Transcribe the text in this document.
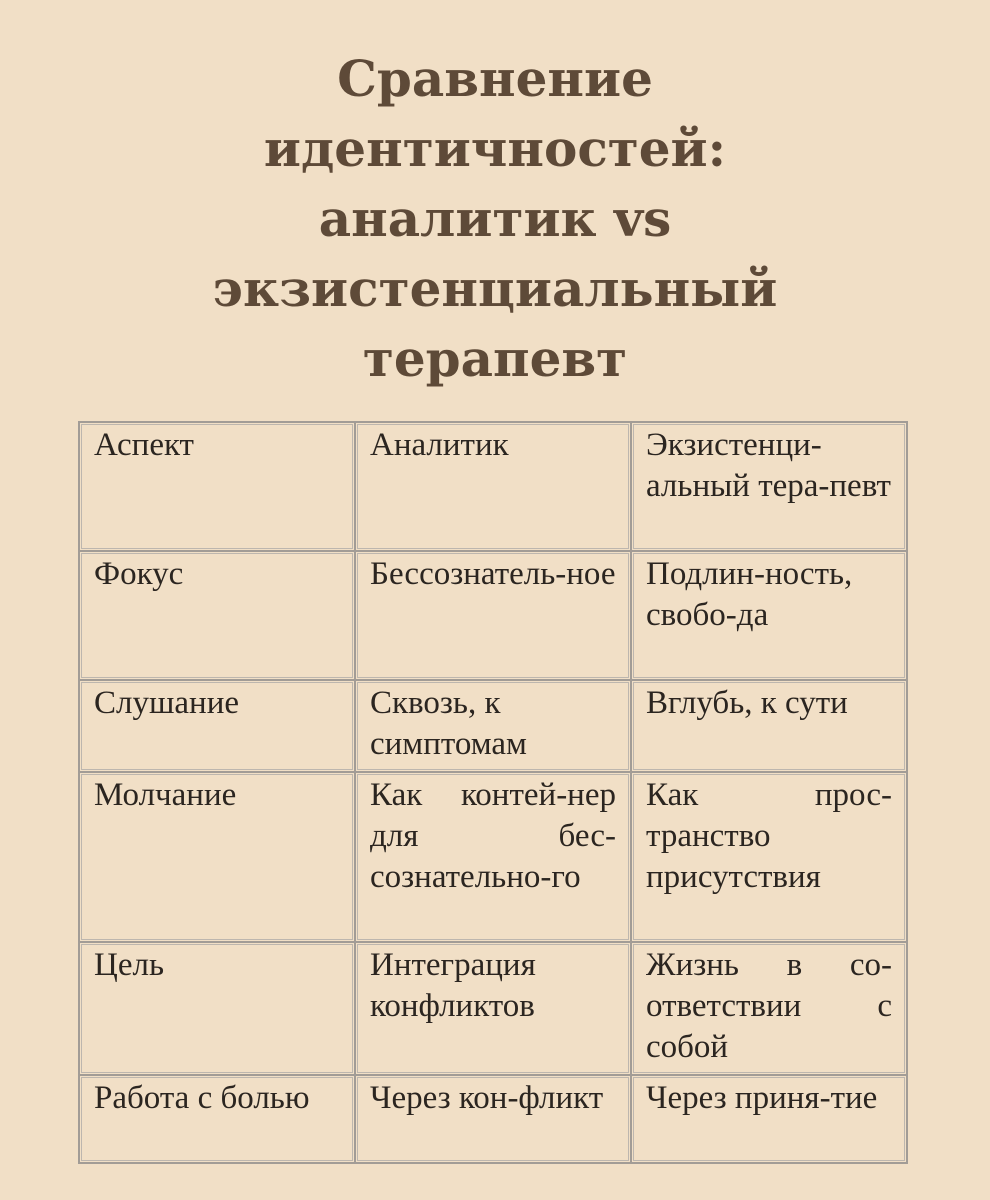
Сравнение
идентичностей:
аналитик vs
экзистенциальный
терапевт
Аспект	Аналитик	Экзистенци-альный тера-певт

Фокус	Бессознатель-ное	Подлин-ность, свобо-да

Слушание	Сквозь, к симптомам	Вглубь, к сути

Молчание	Как контей-нер для бес-сознательно-го	Как прос-транство присутствия

Цель	Интеграция конфликтов	Жизнь в со-ответствии с собой

Работа с болью	Через кон-фликт	Через приня-тие
